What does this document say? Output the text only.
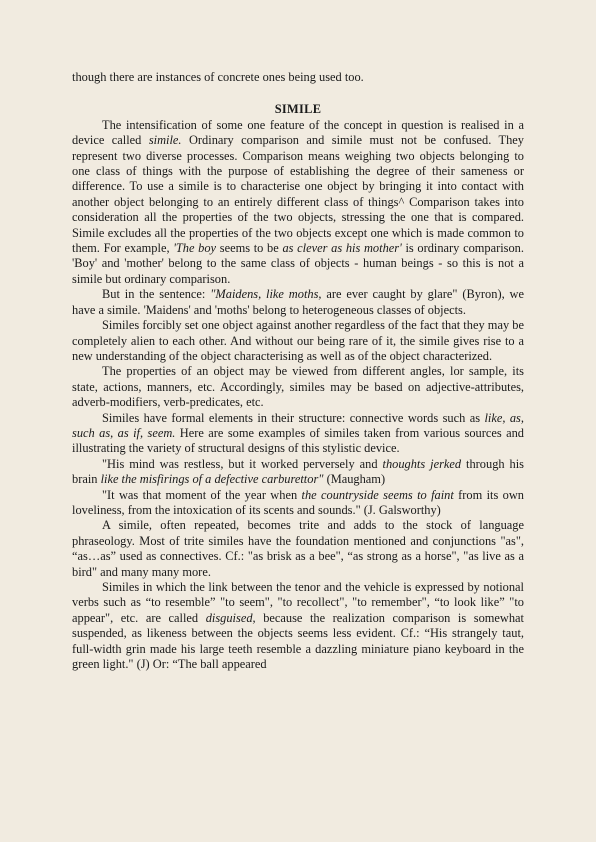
though there are instances of concrete ones being used too.

SIMILE

The intensification of some one feature of the concept in question is realised in a device called simile. Ordinary comparison and simile must not be confused. They represent two diverse processes. Comparison means weighing two objects belonging to one class of things with the purpose of establishing the degree of their sameness or difference. To use a simile is to characterise one object by bringing it into contact with another object belonging to an entirely different class of things^ Comparison takes into consideration all the properties of the two objects, stressing the one that is compared. Simile excludes all the properties of the two objects except one which is made common to them. For example, 'The boy seems to be as clever as his mother' is ordinary comparison. 'Boy' and 'mother' belong to the same class of objects - human beings - so this is not a simile but ordinary comparison.

But in the sentence: "Maidens, like moths, are ever caught by glare" (Byron), we have a simile. 'Maidens' and 'moths' belong to heterogeneous classes of objects.

Similes forcibly set one object against another regardless of the fact that they may be completely alien to each other. And without our being rare of it, the simile gives rise to a new understanding of the object characterising as well as of the object characterized.

The properties of an object may be viewed from different angles, lor sample, its state, actions, manners, etc. Accordingly, similes may be based on adjective-attributes, adverb-modifiers, verb-predicates, etc.

Similes have formal elements in their structure: connective words such as like, as, such as, as if, seem. Here are some examples of similes taken from various sources and illustrating the variety of structural designs of this stylistic device.

"His mind was restless, but it worked perversely and thoughts jerked through his brain like the misfirings of a defective carburettor" (Maugham)

"It was that moment of the year when the countryside seems to faint from its own loveliness, from the intoxication of its scents and sounds." (J. Galsworthy)

A simile, often repeated, becomes trite and adds to the stock of language phraseology. Most of trite similes have the foundation mentioned and conjunctions "as", “as…as” used as connectives. Cf.: "as brisk as a bee", “as strong as a horse", "as live as a bird" and many many more.

Similes in which the link between the tenor and the vehicle is expressed by notional verbs such as “to resemble” "to seem", "to recollect", "to remember", “to look like” "to appear", etc. are called disguised, because the realization comparison is somewhat suspended, as likeness between the objects seems less evident. Cf.: “His strangely taut, full-width grin made his large teeth resemble a dazzling miniature piano keyboard in the green light." (J) Or: “The ball appeared
